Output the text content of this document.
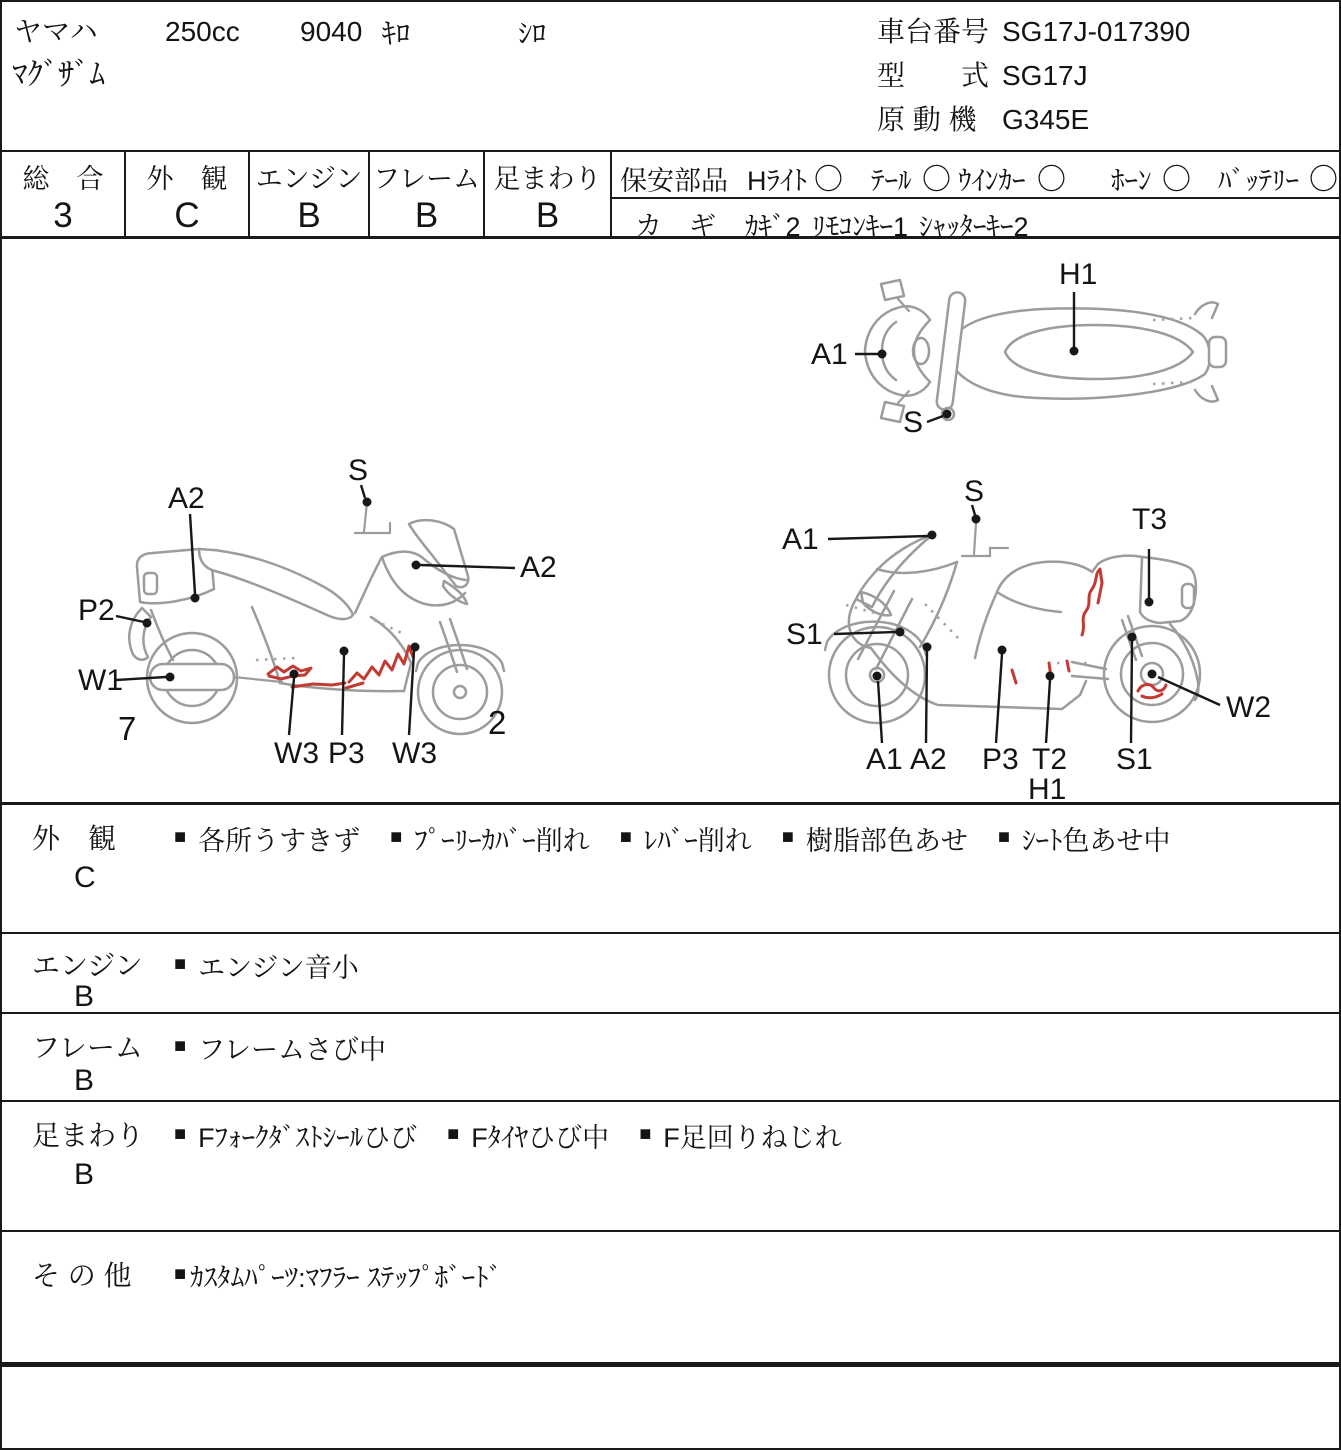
ヤマハ 250cc 9040 ｷﾛ	ｼﾛ
ﾏｸﾞｻﾞﾑ
車台番号 SG17J-017390
型　　式 SG17J
原 動 機 G345E
総　合
3
外　観
C
エンジン
B
フレーム
B
足まわり
B
保安部品 Hﾗｲﾄ 〇 ﾃｰﾙ 〇 ｳｲﾝｶｰ 〇 ﾎｰﾝ 〇 ﾊﾞｯﾃﾘｰ 〇
カ　ギ ｶｷﾞ2 ﾘﾓｺﾝｷｰ1 ｼｬｯﾀｰｷｰ2
A1
H1
S
A2
S
A2
P2
W1
7
W3 P3 W3
2
A1
S
T3
S1
W2
A1 A2 P3 T2
H1
S1
外　観
C
■ 各所うすきず ■ ﾌﾟｰﾘｰｶﾊﾞｰ削れ ■ ﾚﾊﾞｰ削れ ■ 樹脂部色あせ ■ ｼｰﾄ色あせ中
エンジン
B
■ エンジン音小
フレーム
B
■ フレームさび中
足まわり
B
■ Fﾌｫｰｸﾀﾞｽﾄｼｰﾙひび ■ Fﾀｲﾔひび中 ■ F足回りねじれ
そ の 他 ■ ｶｽﾀﾑﾊﾟｰﾂ:ﾏﾌﾗｰ ｽﾃｯﾌﾟﾎﾞｰﾄﾞ
